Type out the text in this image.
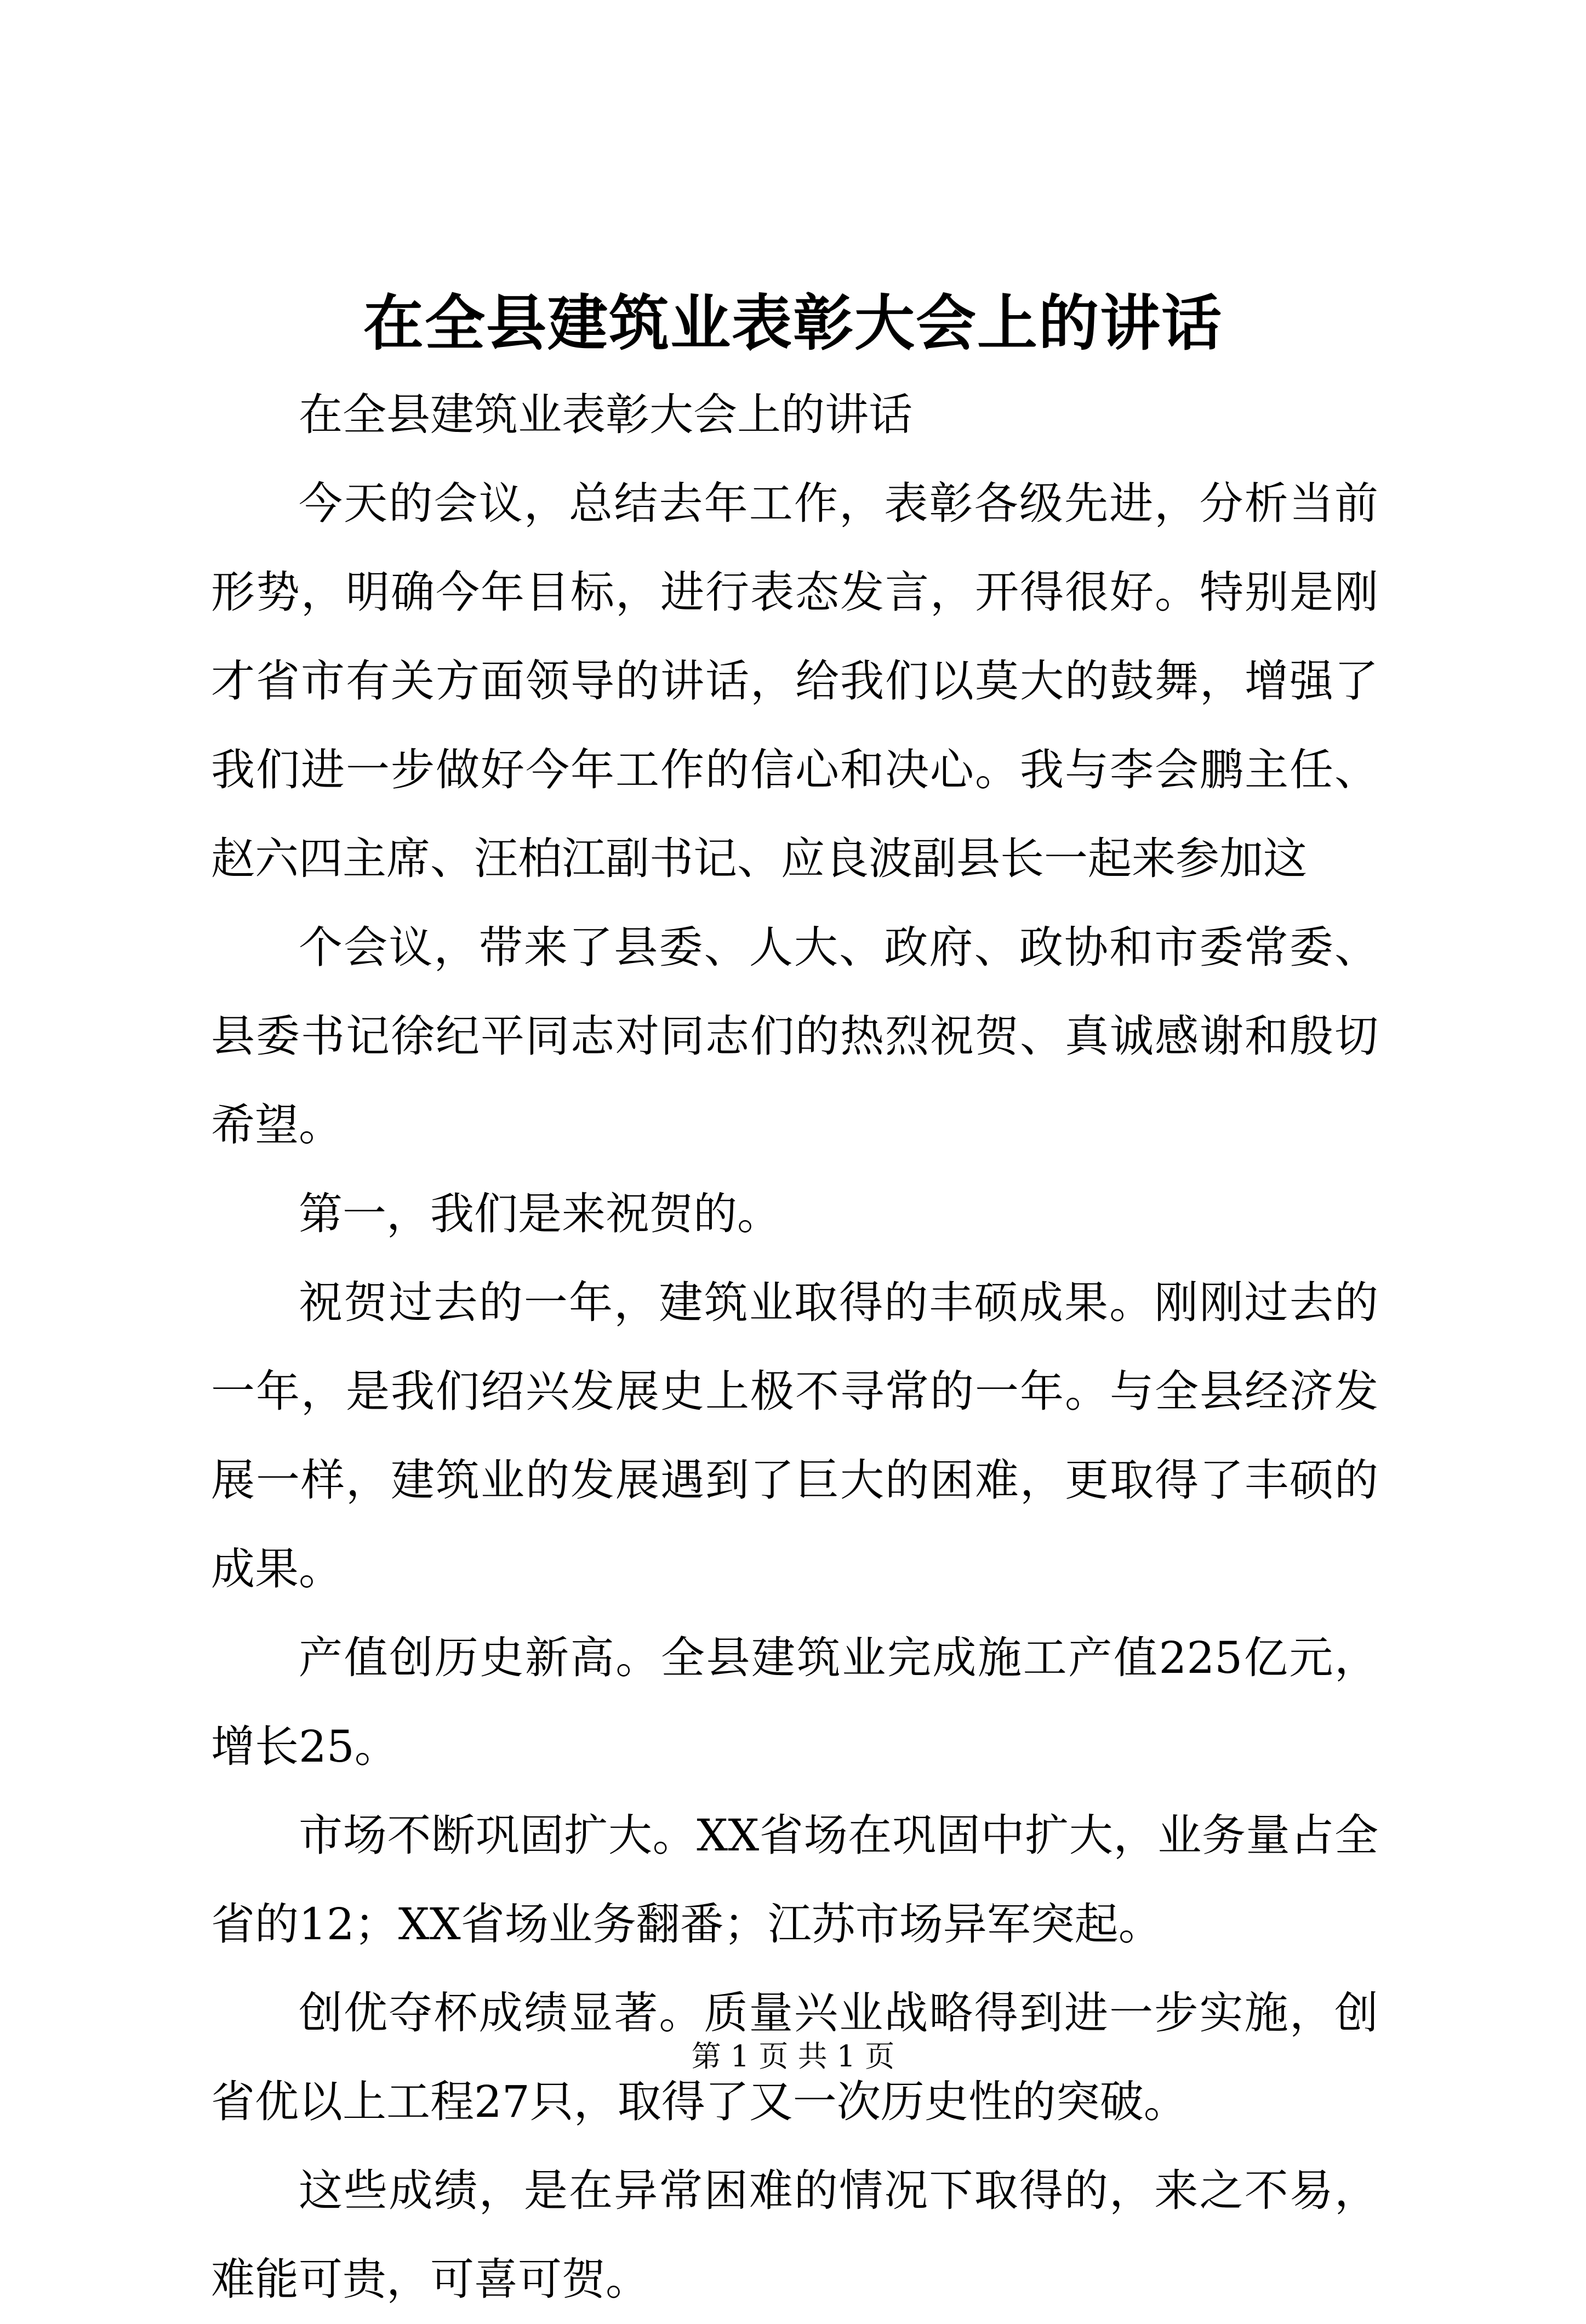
在全县建筑业表彰大会上的讲话

在全县建筑业表彰大会上的讲话

今天的会议，总结去年工作，表彰各级先进，分析当前形势，明确今年目标，进行表态发言，开得很好。特别是刚才省市有关方面领导的讲话，给我们以莫大的鼓舞，增强了我们进一步做好今年工作的信心和决心。我与李会鹏主任、赵六四主席、汪柏江副书记、应良波副县长一起来参加这

个会议，带来了县委、人大、政府、政协和市委常委、县委书记徐纪平同志对同志们的热烈祝贺、真诚感谢和殷切希望。

第一，我们是来祝贺的。

祝贺过去的一年，建筑业取得的丰硕成果。刚刚过去的一年，是我们绍兴发展史上极不寻常的一年。与全县经济发展一样，建筑业的发展遇到了巨大的困难，更取得了丰硕的成果。

产值创历史新高。全县建筑业完成施工产值225亿元，增长25。

市场不断巩固扩大。XX省场在巩固中扩大，业务量占全省的12；XX省场业务翻番；江苏市场异军突起。

创优夺杯成绩显著。质量兴业战略得到进一步实施，创省优以上工程27只，取得了又一次历史性的突破。

这些成绩，是在异常困难的情况下取得的，来之不易，难能可贵，可喜可贺。

第 1 页 共 1 页
